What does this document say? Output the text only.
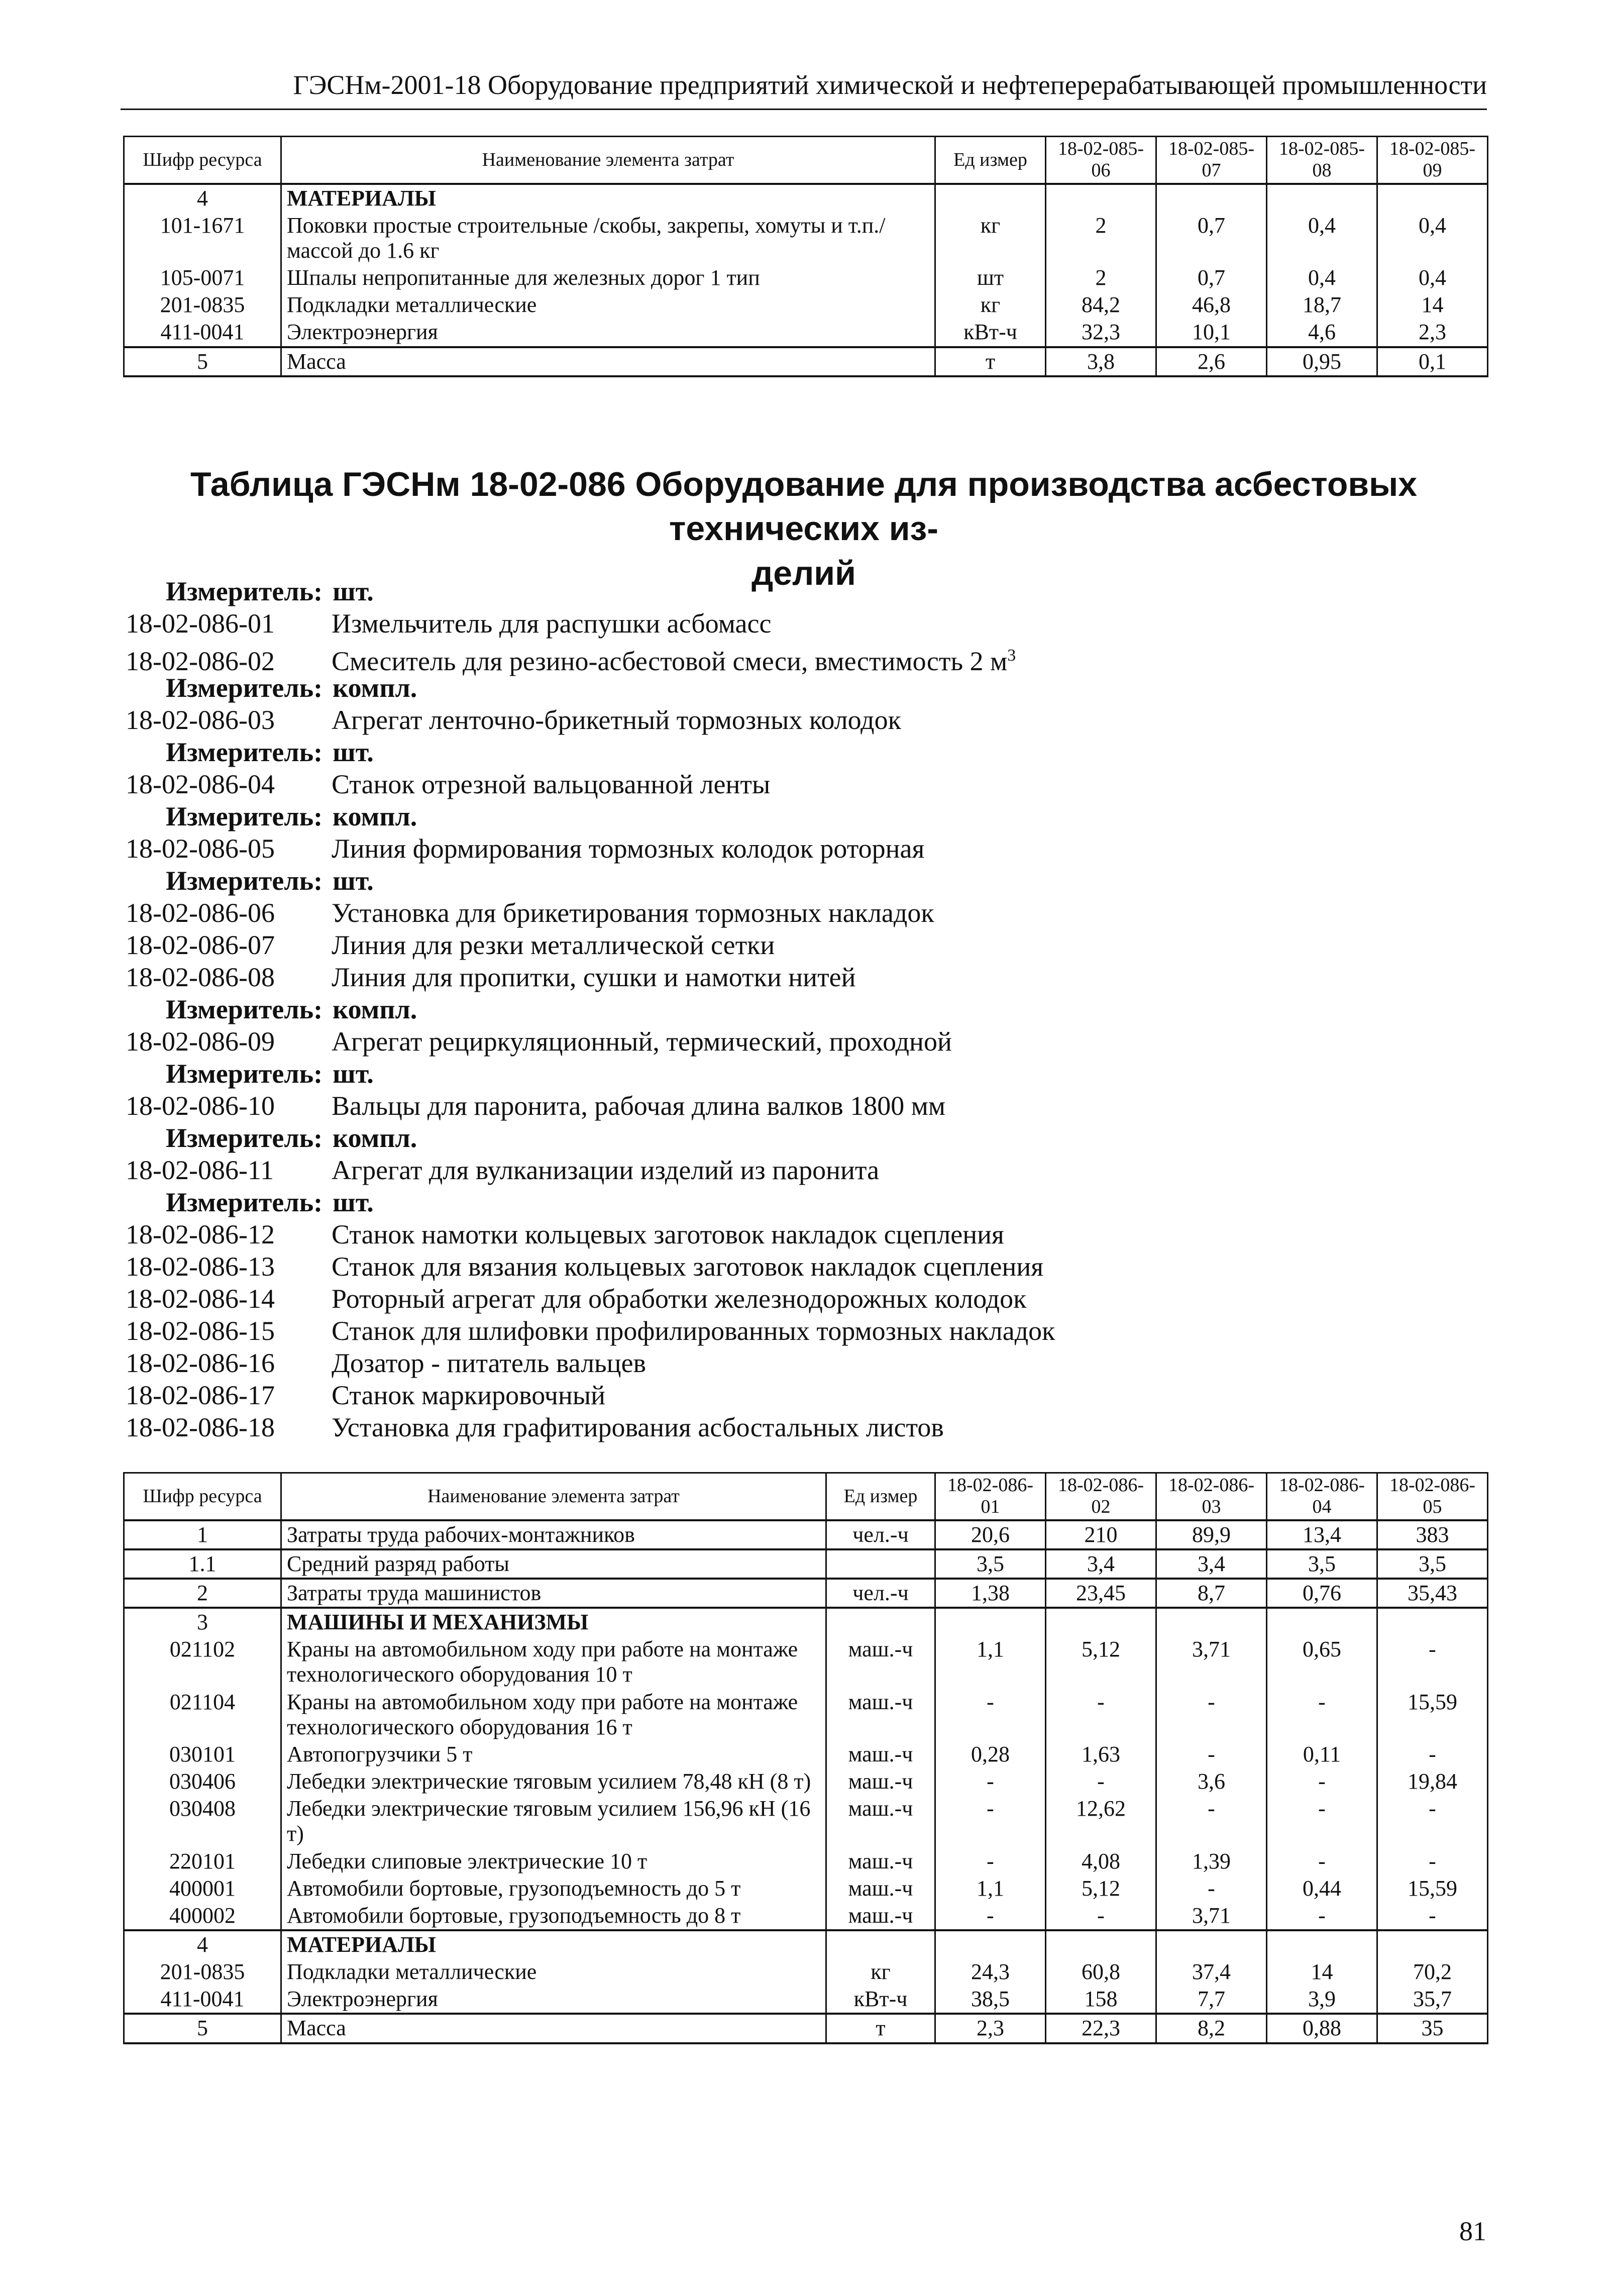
ГЭСНм-2001-18 Оборудование предприятий химической и нефтеперерабатывающей промышленности
Шифр ресурса	Наименование элемента затрат	Ед измер	18-02-085-06	18-02-085-07	18-02-085-08	18-02-085-09
4	МАТЕРИАЛЫ					
101-1671	Поковки простые строительные /скобы, закрепы, хомуты и т.п./ массой до 1.6 кг	кг	2	0,7	0,4	0,4
105-0071	Шпалы непропитанные для железных дорог 1 тип	шт	2	0,7	0,4	0,4
201-0835	Подкладки металлические	кг	84,2	46,8	18,7	14
411-0041	Электроэнергия	кВт-ч	32,3	10,1	4,6	2,3
5	Масса	т	3,8	2,6	0,95	0,1
Таблица ГЭСНм 18-02-086 Оборудование для производства асбестовых технических из-
делий
Измеритель: шт.
18-02-086-01 Измельчитель для распушки асбомасс
18-02-086-02 Смеситель для резино-асбестовой смеси, вместимость 2 $м^3$
Измеритель: компл.
18-02-086-03 Агрегат ленточно-брикетный тормозных колодок
Измеритель: шт.
18-02-086-04 Станок отрезной вальцованной ленты
Измеритель: компл.
18-02-086-05 Линия формирования тормозных колодок роторная
Измеритель: шт.
18-02-086-06 Установка для брикетирования тормозных накладок
18-02-086-07 Линия для резки металлической сетки
18-02-086-08 Линия для пропитки, сушки и намотки нитей
Измеритель: компл.
18-02-086-09 Агрегат рециркуляционный, термический, проходной
Измеритель: шт.
18-02-086-10 Вальцы для паронита, рабочая длина валков 1800 мм
Измеритель: компл.
18-02-086-11 Агрегат для вулканизации изделий из паронита
Измеритель: шт.
18-02-086-12 Станок намотки кольцевых заготовок накладок сцепления
18-02-086-13 Станок для вязания кольцевых заготовок накладок сцепления
18-02-086-14 Роторный агрегат для обработки железнодорожных колодок
18-02-086-15 Станок для шлифовки профилированных тормозных накладок
18-02-086-16 Дозатор - питатель вальцев
18-02-086-17 Станок маркировочный
18-02-086-18 Установка для графитирования асбостальных листов
Шифр ресурса	Наименование элемента затрат	Ед измер	18-02-086-01	18-02-086-02	18-02-086-03	18-02-086-04	18-02-086-05
1	Затраты труда рабочих-монтажников	чел.-ч	20,6	210	89,9	13,4	383
1.1	Средний разряд работы		3,5	3,4	3,4	3,5	3,5
2	Затраты труда машинистов	чел.-ч	1,38	23,45	8,7	0,76	35,43
3	МАШИНЫ И МЕХАНИЗМЫ						
021102	Краны на автомобильном ходу при работе на монтаже технологического оборудования 10 т	маш.-ч	1,1	5,12	3,71	0,65	-
021104	Краны на автомобильном ходу при работе на монтаже технологического оборудования 16 т	маш.-ч	-	-	-	-	15,59
030101	Автопогрузчики 5 т	маш.-ч	0,28	1,63	-	0,11	-
030406	Лебедки электрические тяговым усилием 78,48 кН (8 т)	маш.-ч	-	-	3,6	-	19,84
030408	Лебедки электрические тяговым усилием 156,96 кН (16 т)	маш.-ч	-	12,62	-	-	-
220101	Лебедки слиповые электрические 10 т	маш.-ч	-	4,08	1,39	-	-
400001	Автомобили бортовые, грузоподъемность до 5 т	маш.-ч	1,1	5,12	-	0,44	15,59
400002	Автомобили бортовые, грузоподъемность до 8 т	маш.-ч	-	-	3,71	-	-
4	МАТЕРИАЛЫ						
201-0835	Подкладки металлические	кг	24,3	60,8	37,4	14	70,2
411-0041	Электроэнергия	кВт-ч	38,5	158	7,7	3,9	35,7
5	Масса	т	2,3	22,3	8,2	0,88	35
81
